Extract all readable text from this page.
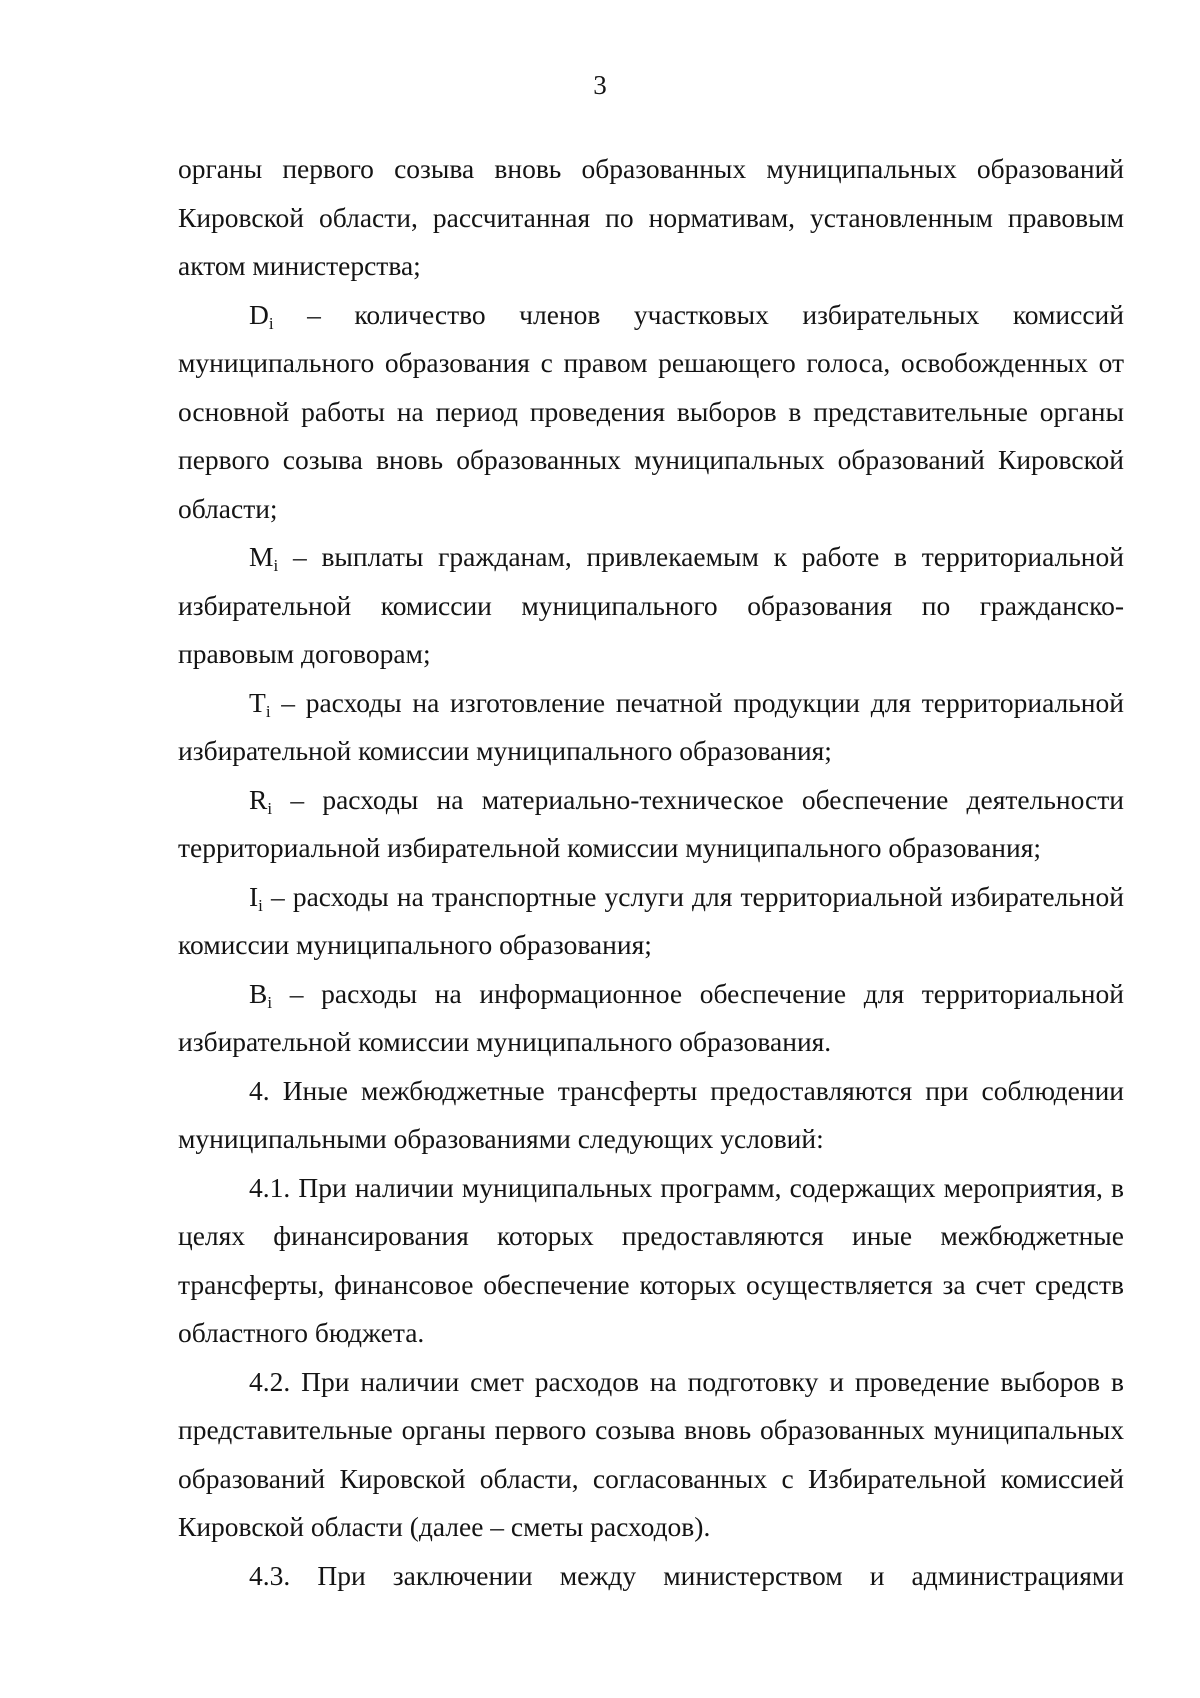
3

органы первого созыва вновь образованных муниципальных образований Кировской области, рассчитанная по нормативам, установленным правовым актом министерства;

$D_i$ – количество членов участковых избирательных комиссий муниципального образования с правом решающего голоса, освобожденных от основной работы на период проведения выборов в представительные органы первого созыва вновь образованных муниципальных образований Кировской области;

$M_i$ – выплаты гражданам, привлекаемым к работе в территориальной избирательной комиссии муниципального образования по гражданско-правовым договорам;

$T_i$ – расходы на изготовление печатной продукции для территориальной избирательной комиссии муниципального образования;

$R_i$ – расходы на материально-техническое обеспечение деятельности территориальной избирательной комиссии муниципального образования;

$I_i$ – расходы на транспортные услуги для территориальной избирательной комиссии муниципального образования;

$B_i$ – расходы на информационное обеспечение для территориальной избирательной комиссии муниципального образования.

4. Иные межбюджетные трансферты предоставляются при соблюдении муниципальными образованиями следующих условий:

4.1. При наличии муниципальных программ, содержащих мероприятия, в целях финансирования которых предоставляются иные межбюджетные трансферты, финансовое обеспечение которых осуществляется за счет средств областного бюджета.

4.2. При наличии смет расходов на подготовку и проведение выборов в представительные органы первого созыва вновь образованных муниципальных образований Кировской области, согласованных с Избирательной комиссией Кировской области (далее – сметы расходов).

4.3. При заключении между министерством и администрациями
